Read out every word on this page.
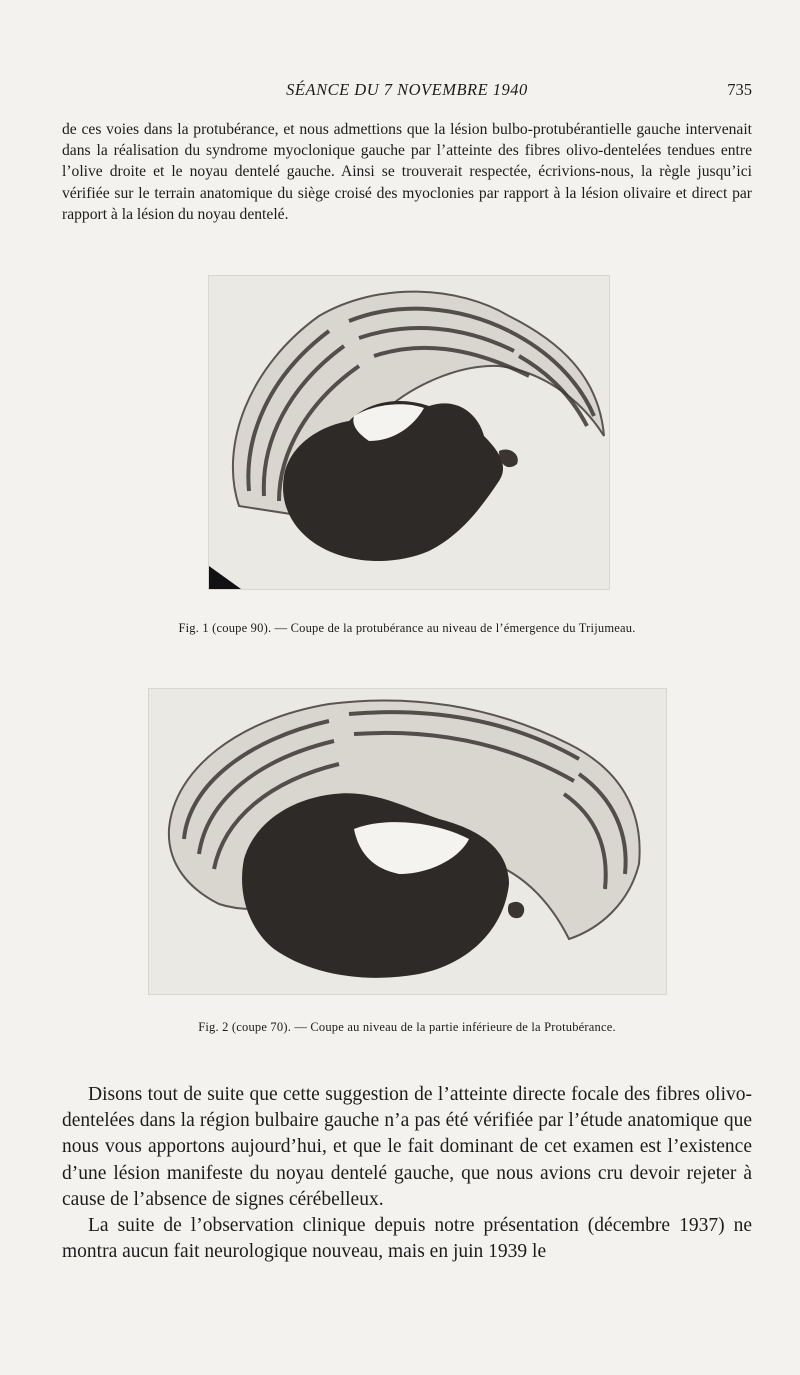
SÉANCE DU 7 NOVEMBRE 1940	735

de ces voies dans la protubérance, et nous admettions que la lésion bulbo-protubérantielle gauche intervenait dans la réalisation du syndrome myoclonique gauche par l’atteinte des fibres olivo-dentelées tendues entre l’olive droite et le noyau dentelé gauche. Ainsi se trouverait respectée, écrivions-nous, la règle jusqu’ici vérifiée sur le terrain anatomique du siège croisé des myoclonies par rapport à la lésion olivaire et direct par rapport à la lésion du noyau dentelé.

Fig. 1 (coupe 90). — Coupe de la protubérance au niveau de l’émergence du Trijumeau.

Fig. 2 (coupe 70). — Coupe au niveau de la partie inférieure de la Protubérance.

Disons tout de suite que cette suggestion de l’atteinte directe focale des fibres olivo-dentelées dans la région bulbaire gauche n’a pas été vérifiée par l’étude anatomique que nous vous apportons aujourd’hui, et que le fait dominant de cet examen est l’existence d’une lésion manifeste du noyau dentelé gauche, que nous avions cru devoir rejeter à cause de l’absence de signes cérébelleux.

La suite de l’observation clinique depuis notre présentation (décembre 1937) ne montra aucun fait neurologique nouveau, mais en juin 1939 le
